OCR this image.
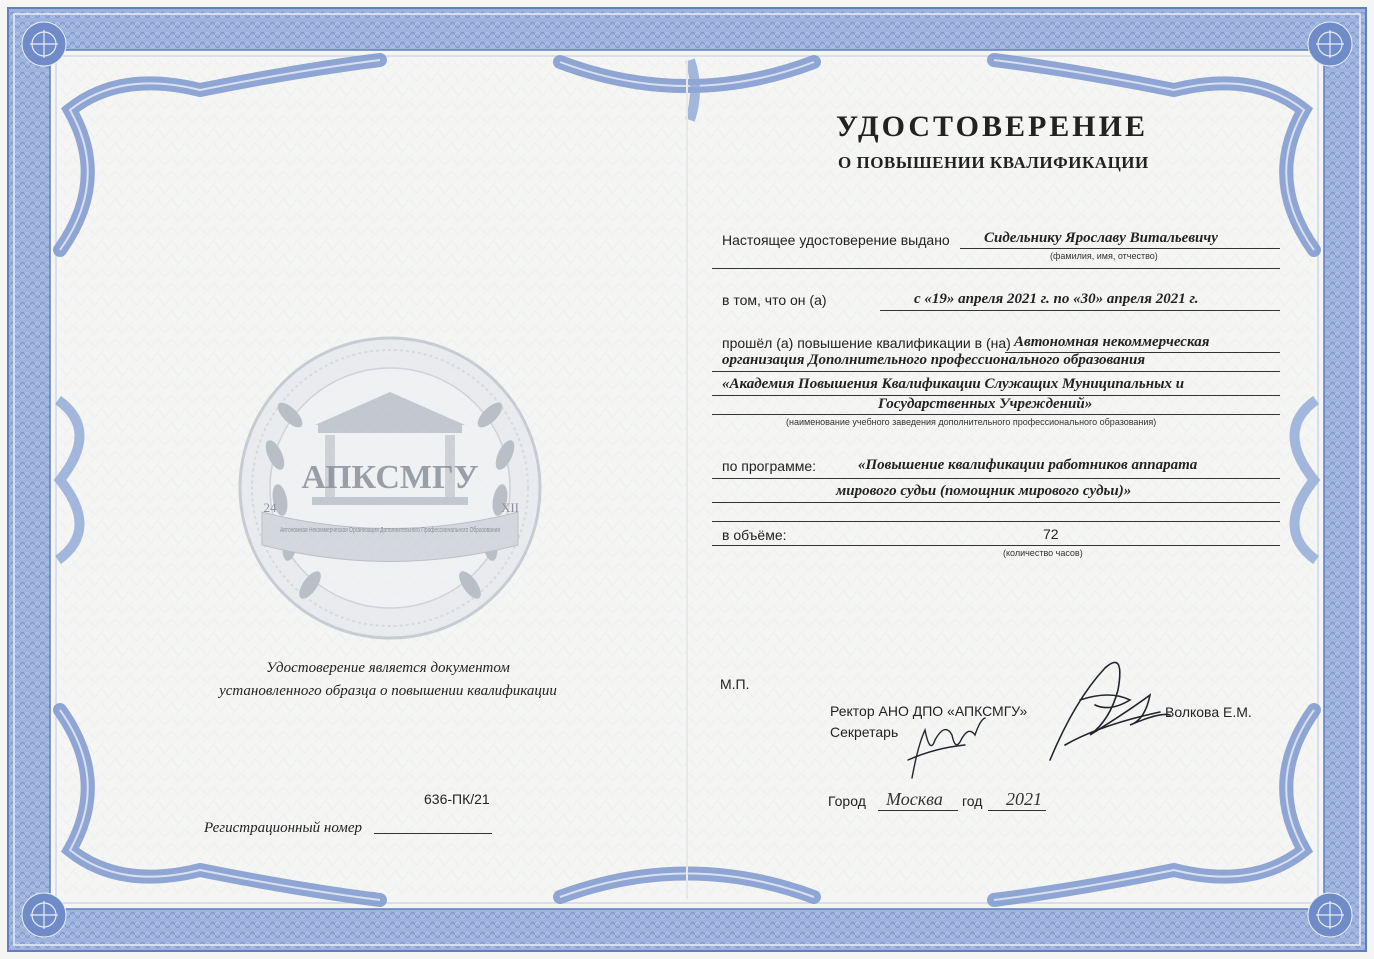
АПКСМГУ
24	XII
Автономная Некоммерческая Организация Дополнительного Профессионального Образования
УДОСТОВЕРЕНИЕ
О ПОВЫШЕНИИ КВАЛИФИКАЦИИ
Настоящее удостоверение выдано Сидельнику Ярославу Витальевичу
(фамилия, имя, отчество)
в том, что он (а)	с «19» апреля 2021 г. по «30» апреля 2021 г.
прошёл (а) повышение квалификации в (на) Автономная некоммерческая
организация Дополнительного профессионального образования
«Академия Повышения Квалификации Служащих Муниципальных и
Государственных Учреждений»
(наименование учебного заведения дополнительного профессионального образования)
по программе:	«Повышение квалификации работников аппарата
мирового судьи (помощник мирового судьи)»
в объёме:	72
(количество часов)
М.П.
Ректор АНО ДПО «АПКСМГУ»	Волкова Е.М.
Секретарь
Город Москва год 2021
Удостоверение является документом
установленного образца о повышении квалификации
636-ПК/21
Регистрационный номер
